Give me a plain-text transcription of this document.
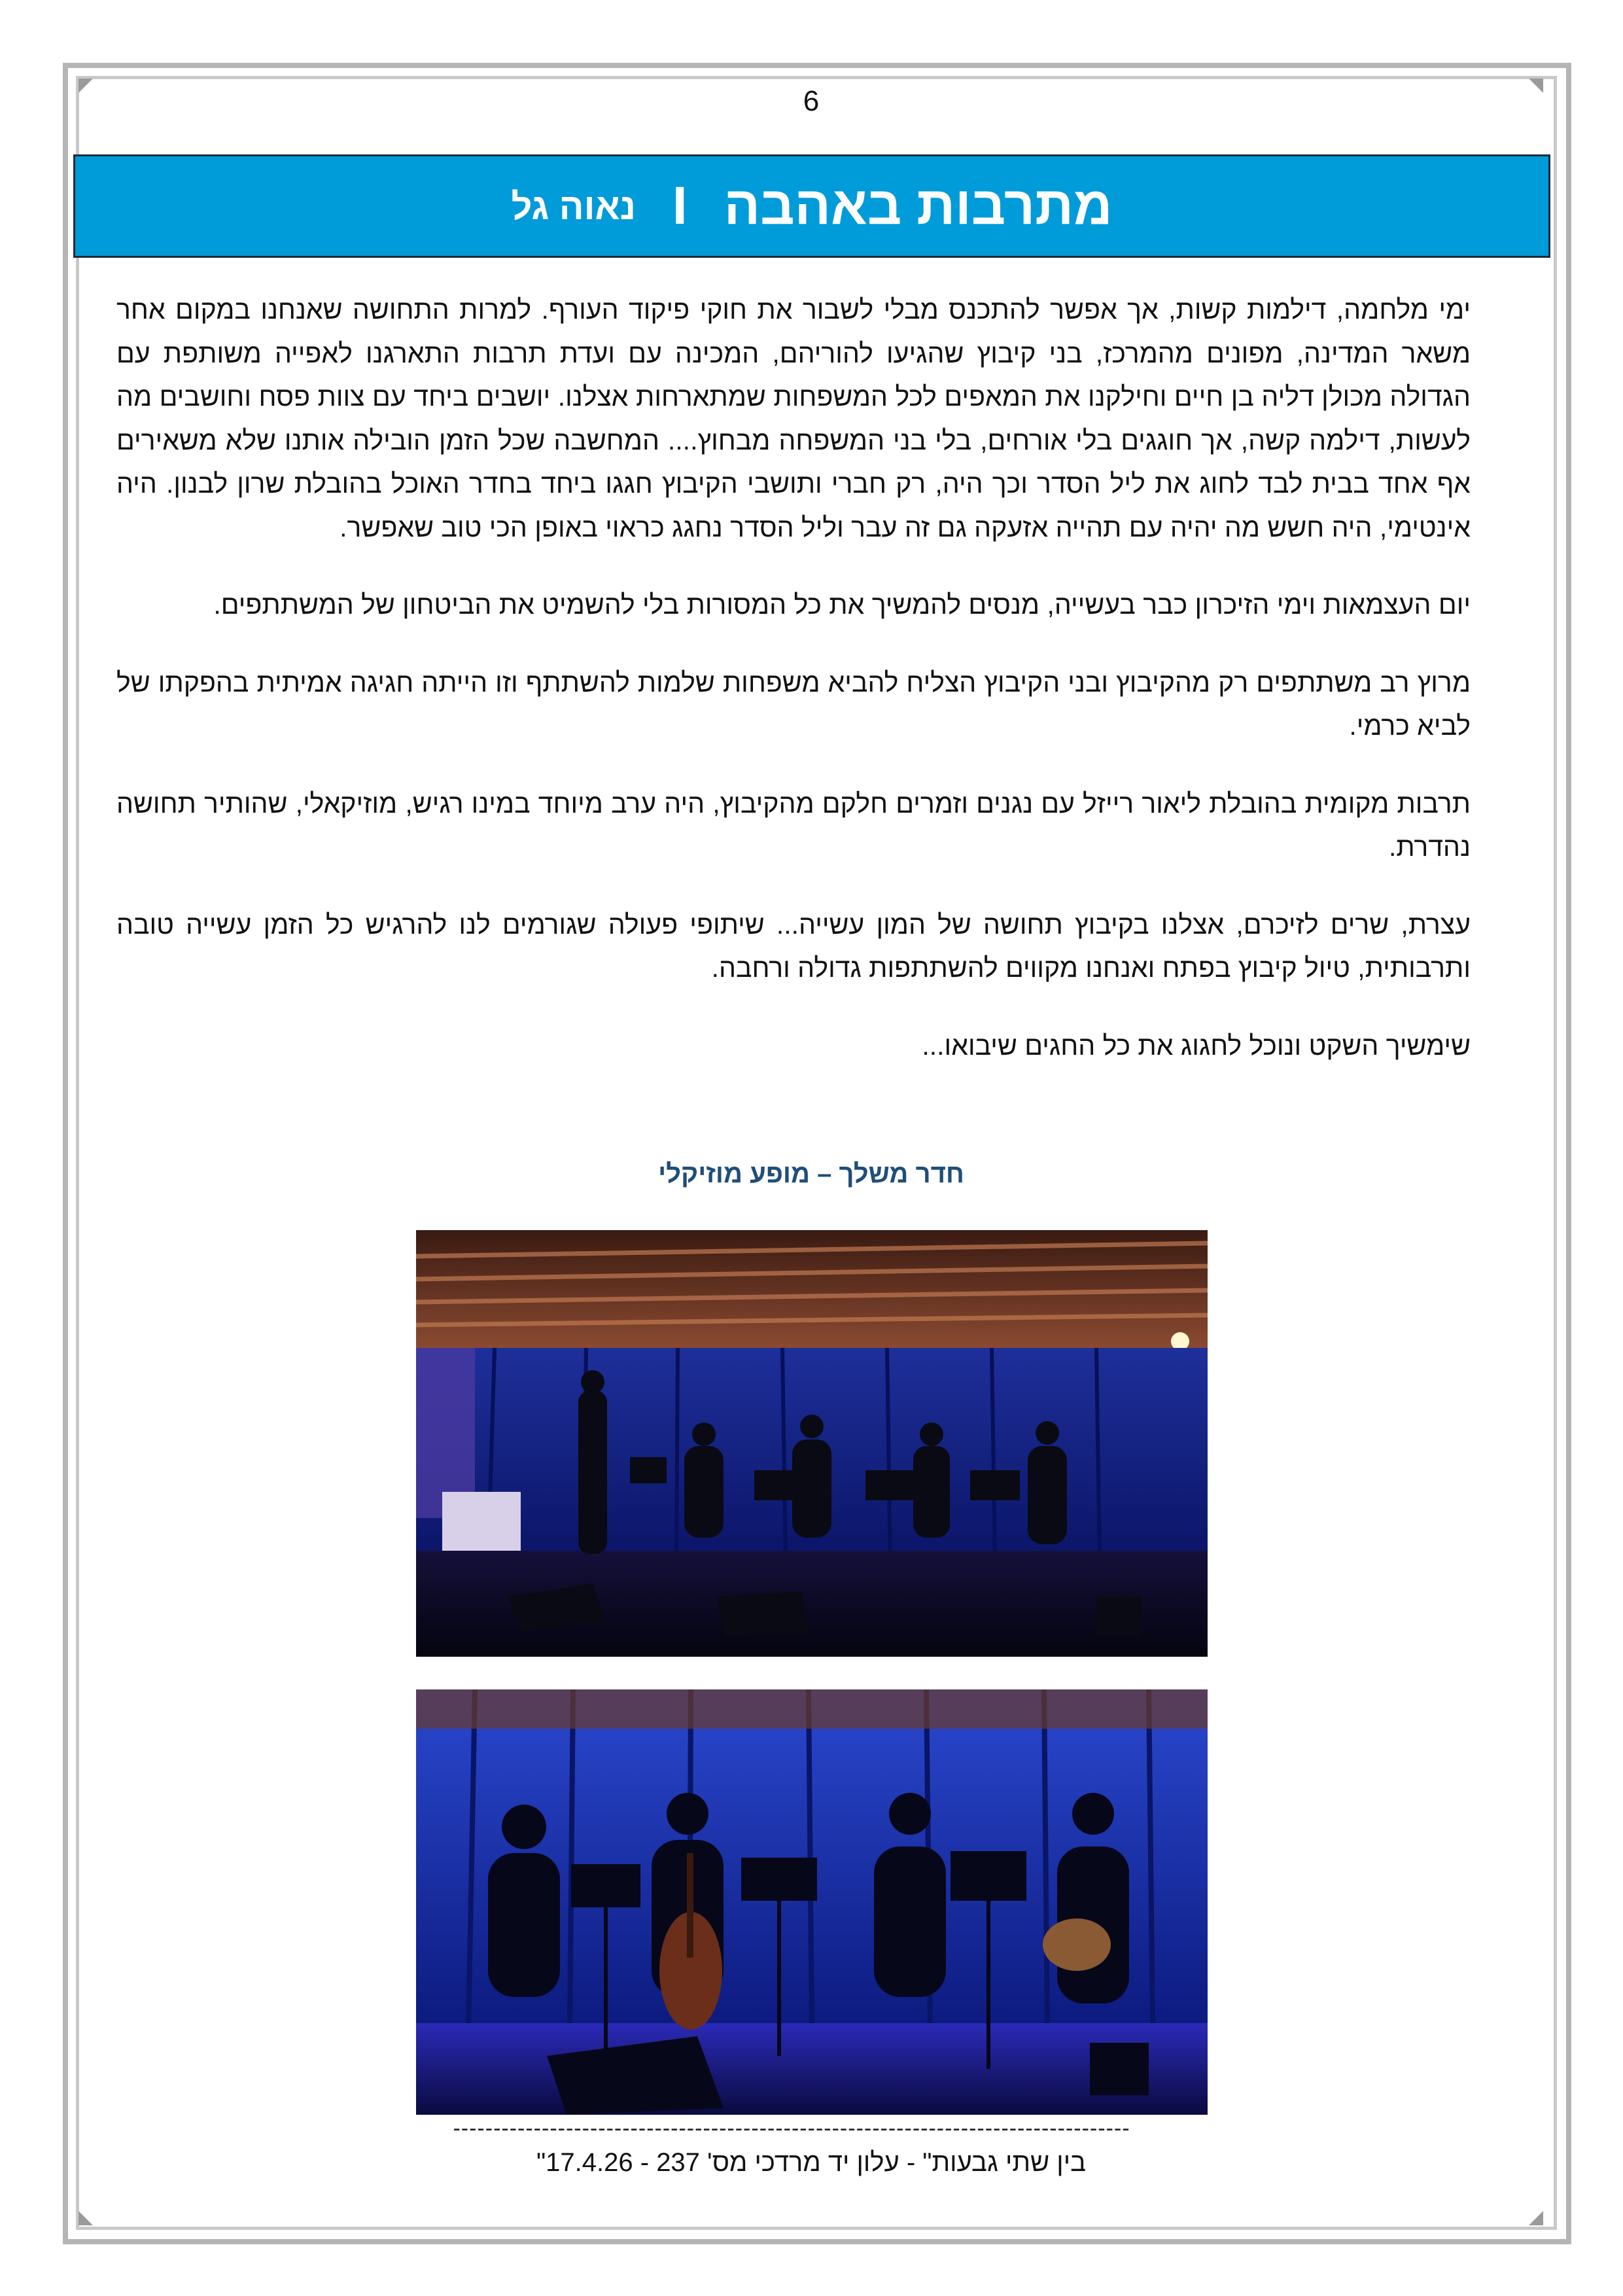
6
מתרבות באהבה
I
נאוה גל

ימי מלחמה, דילמות קשות, אך אפשר להתכנס מבלי לשבור את חוקי פיקוד העורף. למרות התחושה שאנחנו במקום אחר משאר המדינה, מפונים מהמרכז, בני קיבוץ שהגיעו להוריהם, המכינה עם ועדת תרבות התארגנו לאפייה משותפת עם הגדולה מכולן דליה בן חיים וחילקנו את המאפים לכל המשפחות שמתארחות אצלנו. יושבים ביחד עם צוות פסח וחושבים מה לעשות, דילמה קשה, אך חוגגים בלי אורחים, בלי בני המשפחה מבחוץ.... המחשבה שכל הזמן הובילה אותנו שלא משאירים אף אחד בבית לבד לחוג את ליל הסדר וכך היה, רק חברי ותושבי הקיבוץ חגגו ביחד בחדר האוכל בהובלת שרון לבנון. היה אינטימי, היה חשש מה יהיה עם תהייה אזעקה גם זה עבר וליל הסדר נחגג כראוי באופן הכי טוב שאפשר.

יום העצמאות וימי הזיכרון כבר בעשייה, מנסים להמשיך את כל המסורות בלי להשמיט את הביטחון של המשתתפים.

מרוץ רב משתתפים רק מהקיבוץ ובני הקיבוץ הצליח להביא משפחות שלמות להשתתף וזו הייתה חגיגה אמיתית בהפקתו של לביא כרמי.

תרבות מקומית בהובלת ליאור רייזל עם נגנים וזמרים חלקם מהקיבוץ, היה ערב מיוחד במינו רגיש, מוזיקאלי, שהותיר תחושה נהדרת.

עצרת, שרים לזיכרם, אצלנו בקיבוץ תחושה של המון עשייה... שיתופי פעולה שגורמים לנו להרגיש כל הזמן עשייה טובה ותרבותית, טיול קיבוץ בפתח ואנחנו מקווים להשתתפות גדולה ורחבה.

שימשיך השקט ונוכל לחגוג את כל החגים שיבואו...

חדר משלך – מופע מוזיקלי
------------------------------------------------------------------------------------
"בין שתי גבעות" - עלון יד מרדכי מס' 237 - 17.4.26
